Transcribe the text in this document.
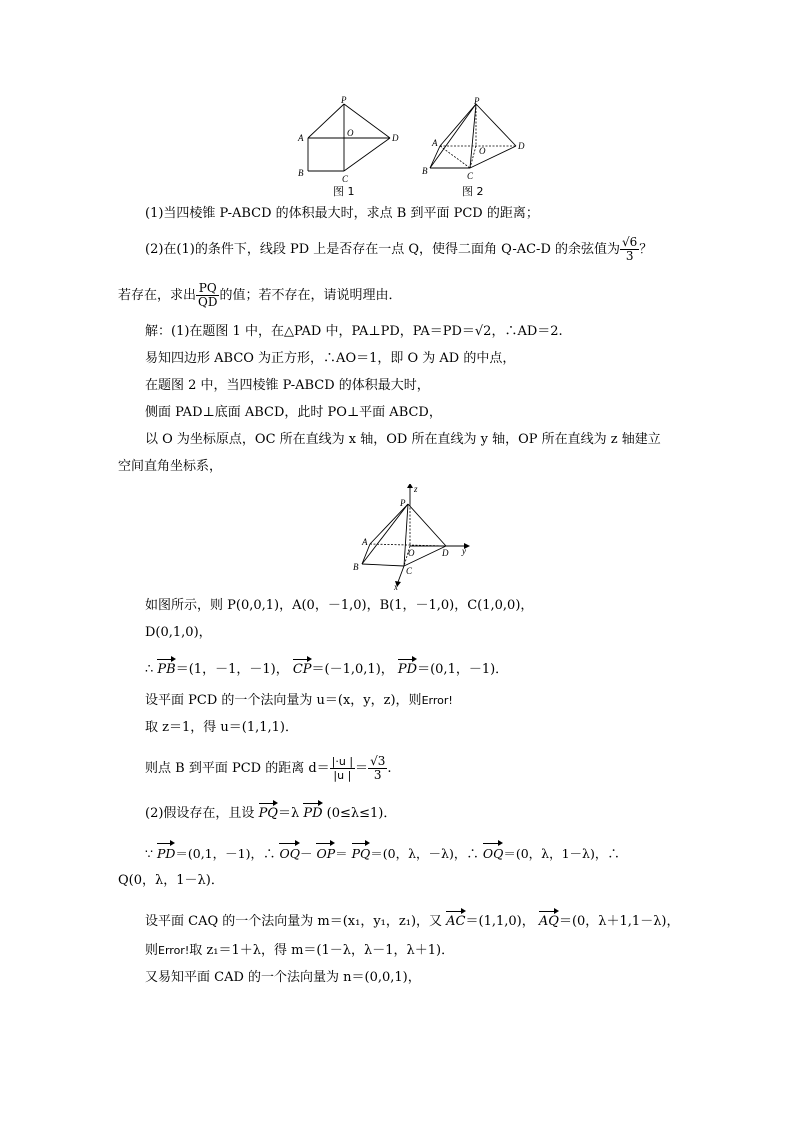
P
A	O	D
B
C
图 1
P
A
O	D
B	C
图 2
(1)当四棱锥 P-ABCD 的体积最大时，求点 B 到平面 PCD 的距离；
(2)在(1)的条件下，线段 PD 上是否存在一点 Q，使得二面角 Q-AC-D 的余弦值为 $\frac{√6}{3}$ ？
若存在，求出 $\frac{PQ}{QD}$ 的值；若不存在，请说明理由．
解：(1)在题图 1 中，在△PAD 中，PA⊥PD，PA＝PD＝√2，∴AD＝2.
易知四边形 ABCO 为正方形，∴AO＝1，即 O 为 AD 的中点，
在题图 2 中，当四棱锥 P-ABCD 的体积最大时，
侧面 PAD⊥底面 ABCD，此时 PO⊥平面 ABCD，
以 O 为坐标原点，OC 所在直线为 x 轴，OD 所在直线为 y 轴，OP 所在直线为 z 轴建立
空间直角坐标系，
P
z
A
O	D y
B	C
x
如图所示，则 P(0,0,1)，A(0，－1,0)，B(1，－1,0)，C(1,0,0)，
D(0,1,0)，
∴ PB＝(1，－1，－1)， CP＝(－1,0,1)， PD＝(0,1，－1)．
设平面 PCD 的一个法向量为 u＝(x，y，z)，则Error!
取 z＝1，得 u＝(1,1,1)．
则点 B 到平面 PCD 的距离 $d= \frac{|\cdot u |}{|u |} = \frac{√3}{3}$ .
(2)假设存在，且设 PQ＝λ PD (0≤λ≤1)．
∵ PD＝(0,1，－1)，∴ OQ－ OP＝ PQ＝(0，λ，－λ)，∴ OQ＝(0，λ，1－λ)，∴
Q(0，λ，1－λ)．
设平面 CAQ 的一个法向量为 m＝(x₁，y₁，z₁)，又 AC＝(1,1,0)， AQ＝(0，λ＋1,1－λ)，
则Error!取 z₁＝1＋λ，得 m＝(1－λ，λ－1，λ＋1)．
又易知平面 CAD 的一个法向量为 n＝(0,0,1)，
